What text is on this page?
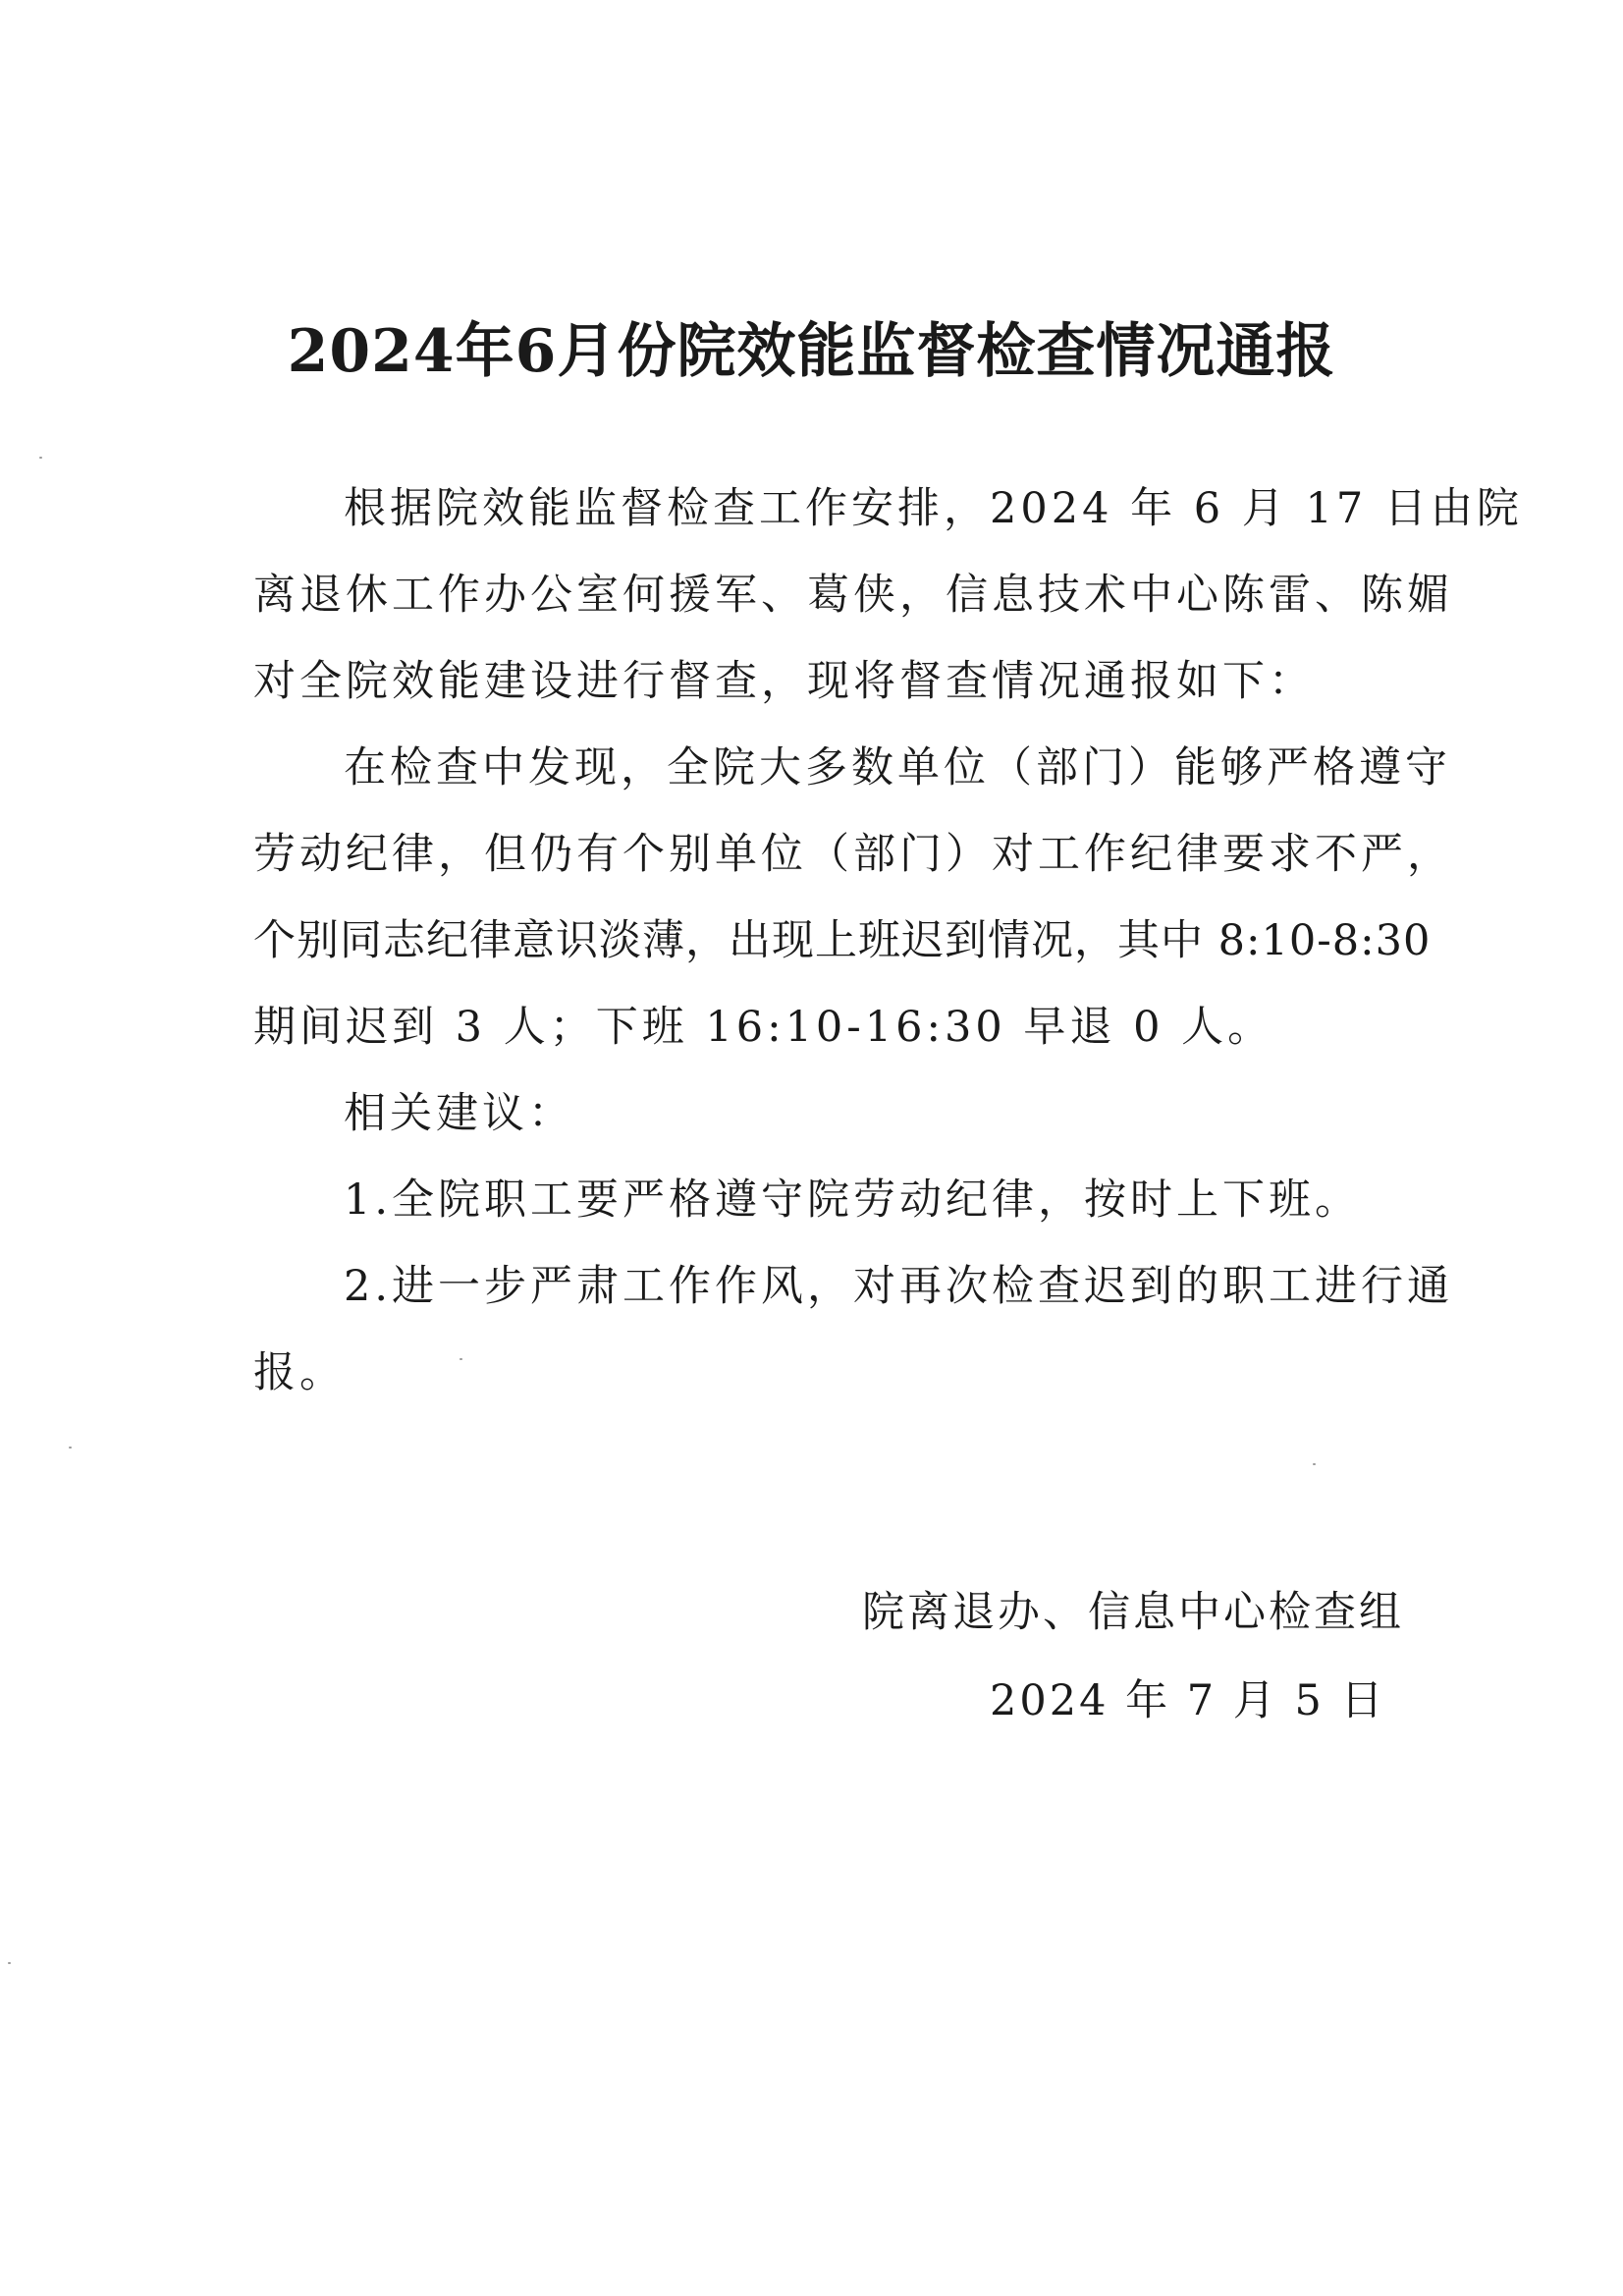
2024年6月份院效能监督检查情况通报
根据院效能监督检查工作安排，2024 年 6 月 17 日由院
离退休工作办公室何援军、葛侠，信息技术中心陈雷、陈媚
对全院效能建设进行督查，现将督查情况通报如下：
在检查中发现，全院大多数单位（部门）能够严格遵守
劳动纪律，但仍有个别单位（部门）对工作纪律要求不严，
个别同志纪律意识淡薄，出现上班迟到情况，其中 8:10-8:30
期间迟到 3 人；下班 16:10-16:30 早退 0 人。
相关建议：
1.全院职工要严格遵守院劳动纪律，按时上下班。
2.进一步严肃工作作风，对再次检查迟到的职工进行通
报。
院离退办、信息中心检查组
2024 年 7 月 5 日
